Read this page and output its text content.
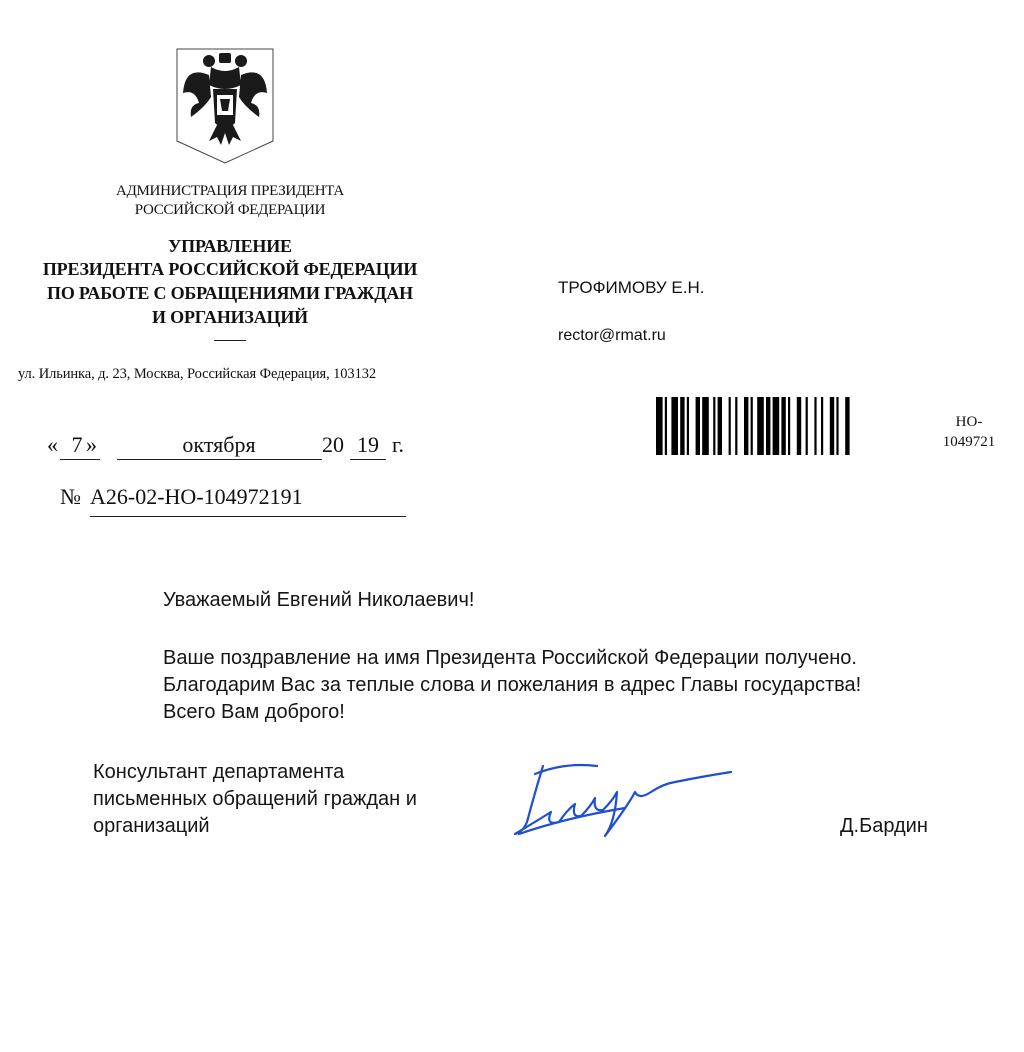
АДМИНИСТРАЦИЯ ПРЕЗИДЕНТА
РОССИЙСКОЙ ФЕДЕРАЦИИ
УПРАВЛЕНИЕ
ПРЕЗИДЕНТА РОССИЙСКОЙ ФЕДЕРАЦИИ
ПО РАБОТЕ С ОБРАЩЕНИЯМИ ГРАЖДАН
И ОРГАНИЗАЦИЙ
ул. Ильинка, д. 23, Москва, Российская Федерация, 103132
« 7 »	октября	20 19 г.
№ А26-02-НО-104972191
ТРОФИМОВУ Е.Н.
rector@rmat.ru
НО-
1049721
Уважаемый Евгений Николаевич!
Ваше поздравление на имя Президента Российской Федерации получено.
Благодарим Вас за теплые слова и пожелания в адрес Главы государства!
Всего Вам доброго!
Консультант департамента
письменных обращений граждан и
организаций	Д.Бардин
